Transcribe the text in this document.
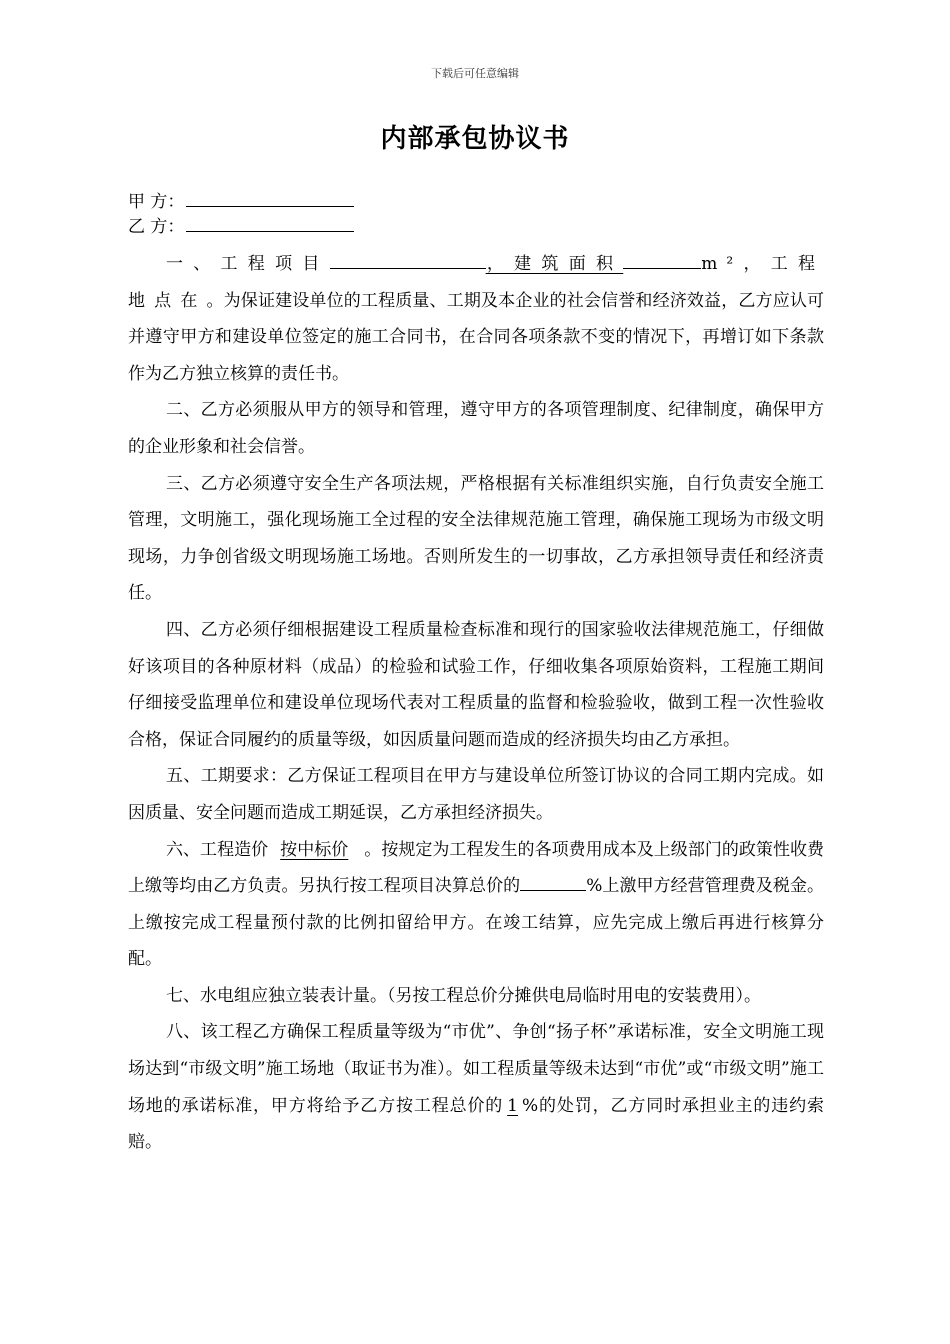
下载后可任意编辑
内部承包协议书
甲 方：
乙 方：

一、工程项目	，建筑面积	m²，工程地点在。为保证建设单位的工程质量、工期及本企业的社会信誉和经济效益，乙方应认可并遵守甲方和建设单位签定的施工合同书，在合同各项条款不变的情况下，再增订如下条款作为乙方独立核算的责任书。

二、乙方必须服从甲方的领导和管理，遵守甲方的各项管理制度、纪律制度，确保甲方的企业形象和社会信誉。

三、乙方必须遵守安全生产各项法规，严格根据有关标准组织实施，自行负责安全施工管理，文明施工，强化现场施工全过程的安全法律规范施工管理，确保施工现场为市级文明现场，力争创省级文明现场施工场地。否则所发生的一切事故，乙方承担领导责任和经济责任。

四、乙方必须仔细根据建设工程质量检查标准和现行的国家验收法律规范施工，仔细做好该项目的各种原材料（成品）的检验和试验工作，仔细收集各项原始资料，工程施工期间仔细接受监理单位和建设单位现场代表对工程质量的监督和检验验收，做到工程一次性验收合格，保证合同履约的质量等级，如因质量问题而造成的经济损失均由乙方承担。

五、工期要求：乙方保证工程项目在甲方与建设单位所签订协议的合同工期内完成。如因质量、安全问题而造成工期延误，乙方承担经济损失。

六、工程造价 按中标价 。按规定为工程发生的各项费用成本及上级部门的政策性收费上缴等均由乙方负责。另执行按工程项目决算总价的	%上激甲方经营管理费及税金。上缴按完成工程量预付款的比例扣留给甲方。在竣工结算，应先完成上缴后再进行核算分配。

七、水电组应独立装表计量。（另按工程总价分摊供电局临时用电的安装费用）。

八、该工程乙方确保工程质量等级为“市优”、争创“扬子杯”承诺标准，安全文明施工现场达到“市级文明”施工场地（取证书为准）。如工程质量等级未达到“市优”或“市级文明”施工场地的承诺标准，甲方将给予乙方按工程总价的 1 %的处罚，乙方同时承担业主的违约索赔。
